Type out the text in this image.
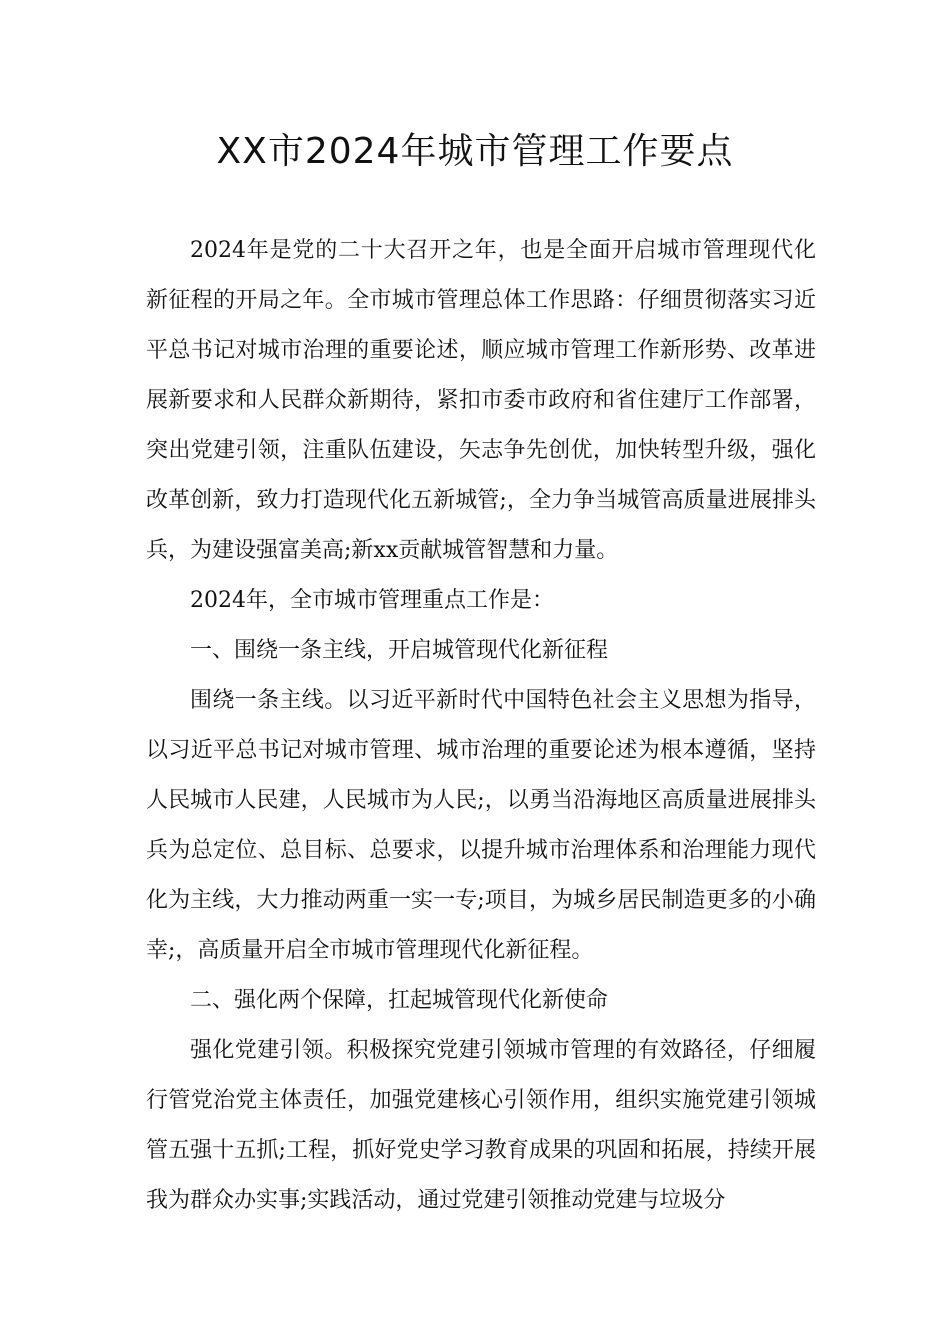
XX市2024年城市管理工作要点

2024年是党的二十大召开之年，也是全面开启城市管理现代化新征程的开局之年。全市城市管理总体工作思路：仔细贯彻落实习近平总书记对城市治理的重要论述，顺应城市管理工作新形势、改革进展新要求和人民群众新期待，紧扣市委市政府和省住建厅工作部署，突出党建引领，注重队伍建设，矢志争先创优，加快转型升级，强化改革创新，致力打造现代化五新城管;，全力争当城管高质量进展排头兵，为建设强富美高;新xx贡献城管智慧和力量。

2024年，全市城市管理重点工作是：

一、围绕一条主线，开启城管现代化新征程

围绕一条主线。以习近平新时代中国特色社会主义思想为指导，以习近平总书记对城市管理、城市治理的重要论述为根本遵循，坚持人民城市人民建，人民城市为人民;，以勇当沿海地区高质量进展排头兵为总定位、总目标、总要求，以提升城市治理体系和治理能力现代化为主线，大力推动两重一实一专;项目，为城乡居民制造更多的小确幸;，高质量开启全市城市管理现代化新征程。

二、强化两个保障，扛起城管现代化新使命

强化党建引领。积极探究党建引领城市管理的有效路径，仔细履行管党治党主体责任，加强党建核心引领作用，组织实施党建引领城管五强十五抓;工程，抓好党史学习教育成果的巩固和拓展，持续开展我为群众办实事;实践活动，通过党建引领推动党建与垃圾分
